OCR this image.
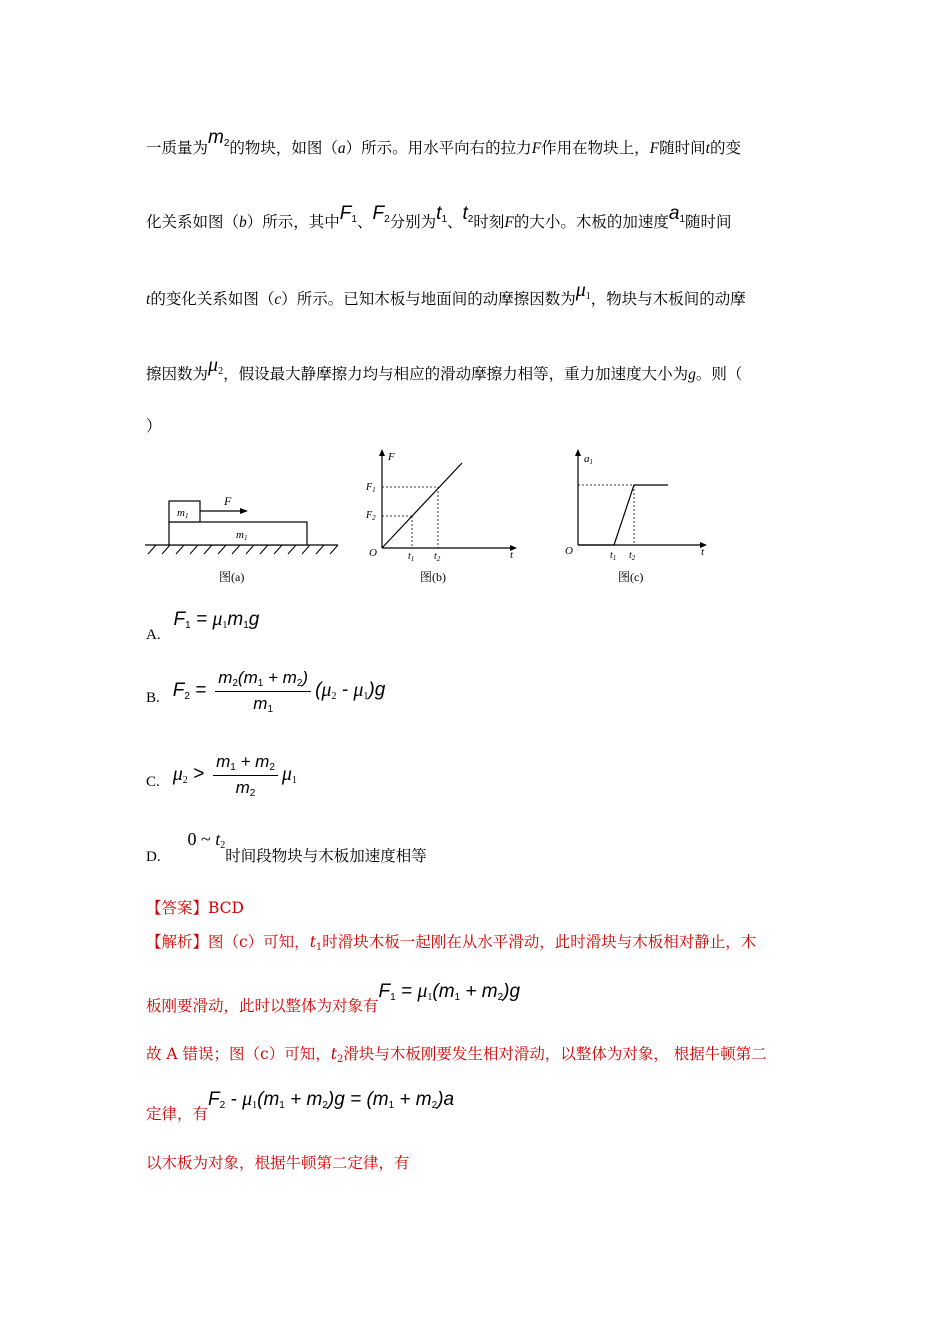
一质量为$m_2$的物块，如图（a）所示。用水平向右的拉力F作用在物块上，F随时间t的变
化关系如图（b）所示，其中$F_1$、$F_2$分别为$t_1$、$t_2$时刻F的大小。木板的加速度$a_1$随时间
t的变化关系如图（c）所示。已知木板与地面间的动摩擦因数为$\mu_1$，物块与木板间的动摩
擦因数为$\mu_2$，假设最大静摩擦力均与相应的滑动摩擦力相等，重力加速度大小为g。则（
）
m1
m1
F
图(a)
F
t
O
$F_1$
$F_2$
$t_1$ $t_2$
图(b)
a1
t
O	$t_1$ $t_2$
图(c)
A. $F_1 = \mu_1m_1g$
B. $F_2 = \frac{m_2(m_1 + m_2)}{m_1} (\mu_2 - \mu_1)g$
C. $\mu_2 > \frac{m_1 + m_2}{m_2} \mu_1$
D. 0 ~ $t_2$时间段物块与木板加速度相等
【答案】BCD
【解析】图（c）可知，$t_1$时滑块木板一起刚在从水平滑动，此时滑块与木板相对静止，木
板刚要滑动，此时以整体为对象有$F_1 = \mu_1(m_1 + m_2)g$
故 A 错误；图（c）可知，$t_2$滑块与木板刚要发生相对滑动，以整体为对象， 根据牛顿第二
定律，有$F_2 - \mu_1(m_1 + m_2)g = (m_1 + m_2)a$
以木板为对象，根据牛顿第二定律，有
